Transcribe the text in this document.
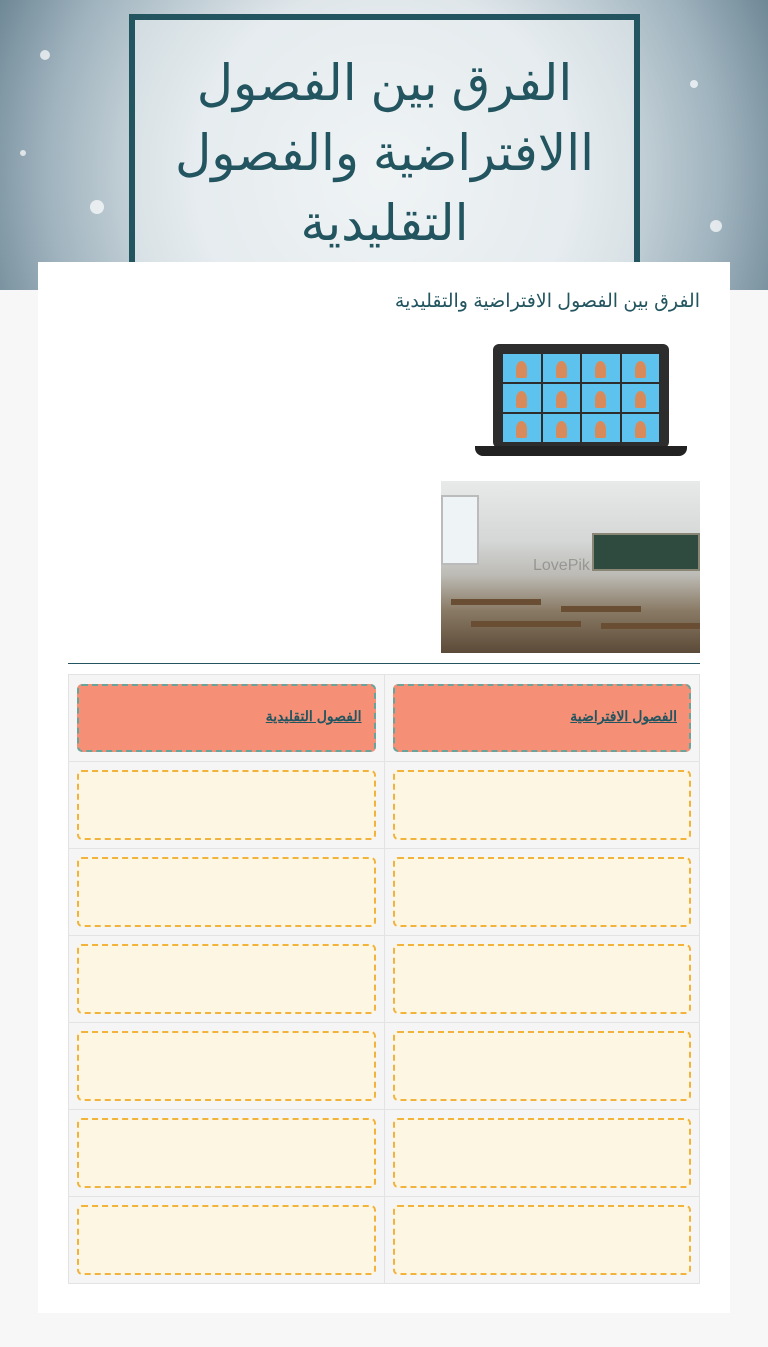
الفرق بين الفصول االافتراضية والفصول التقليدية
الفرق بين الفصول الافتراضية والتقليدية
LovePik
الفصول الافتراضية	الفصول التقليدية
